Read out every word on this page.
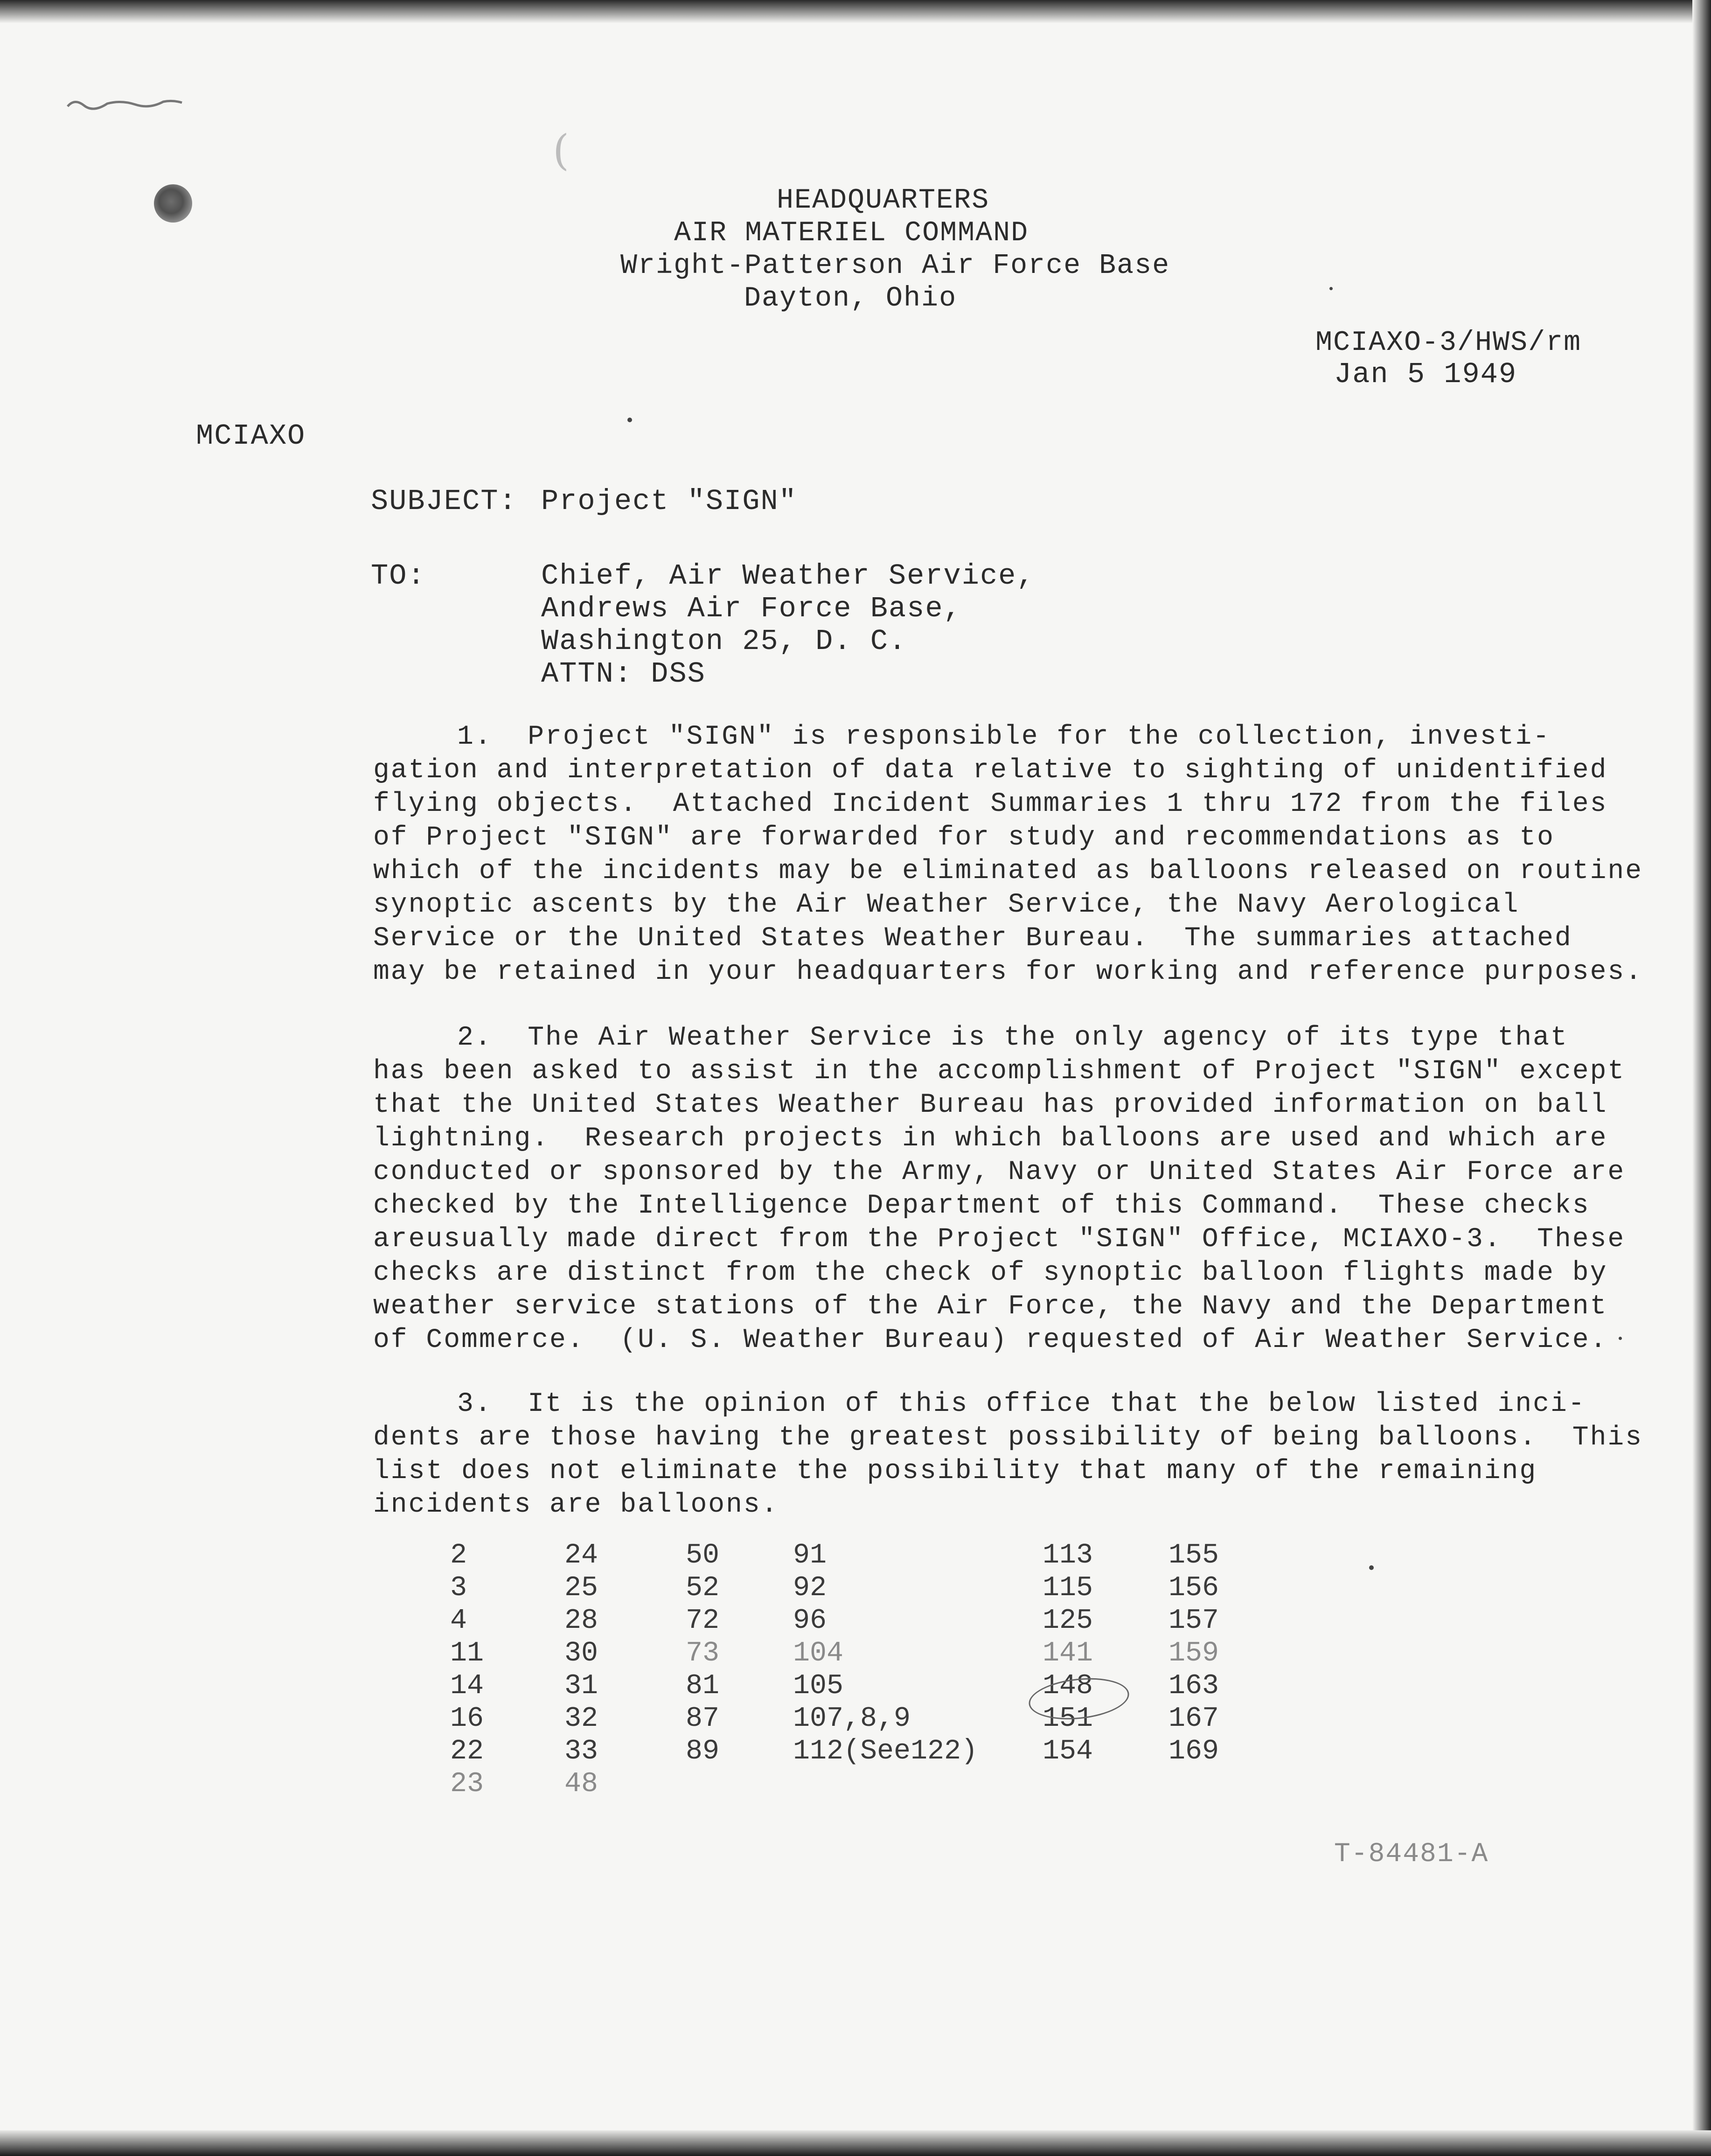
(
HEADQUARTERS
AIR MATERIEL COMMAND
Wright-Patterson Air Force Base
Dayton, Ohio
MCIAXO-3/HWS/rm
Jan 5 1949
MCIAXO
SUBJECT: Project "SIGN"
TO:	Chief, Air Weather Service,
Andrews Air Force Base,
Washington 25, D. C.
ATTN: DSS
1.  Project "SIGN" is responsible for the collection, investi-
gation and interpretation of data relative to sighting of unidentified
flying objects.  Attached Incident Summaries 1 thru 172 from the files
of Project "SIGN" are forwarded for study and recommendations as to
which of the incidents may be eliminated as balloons released on routine
synoptic ascents by the Air Weather Service, the Navy Aerological
Service or the United States Weather Bureau.  The summaries attached
may be retained in your headquarters for working and reference purposes.
2.  The Air Weather Service is the only agency of its type that
has been asked to assist in the accomplishment of Project "SIGN" except
that the United States Weather Bureau has provided information on ball
lightning.  Research projects in which balloons are used and which are
conducted or sponsored by the Army, Navy or United States Air Force are
checked by the Intelligence Department of this Command.  These checks
areusually made direct from the Project "SIGN" Office, MCIAXO-3.  These
checks are distinct from the check of synoptic balloon flights made by
weather service stations of the Air Force, the Navy and the Department
of Commerce.  (U. S. Weather Bureau) requested of Air Weather Service.
3.  It is the opinion of this office that the below listed inci-
dents are those having the greatest possibility of being balloons.  This
list does not eliminate the possibility that many of the remaining
incidents are balloons.
2
3
4
11
14
16
22
23
24
25
28
30
31
32
33
48
50
52
72
73
81
87
89
91
92
96
104
105
107,8,9
112(See122)
113
115
125
141
148
151
154
155
156
157
159
163
167
169
T-84481-A
